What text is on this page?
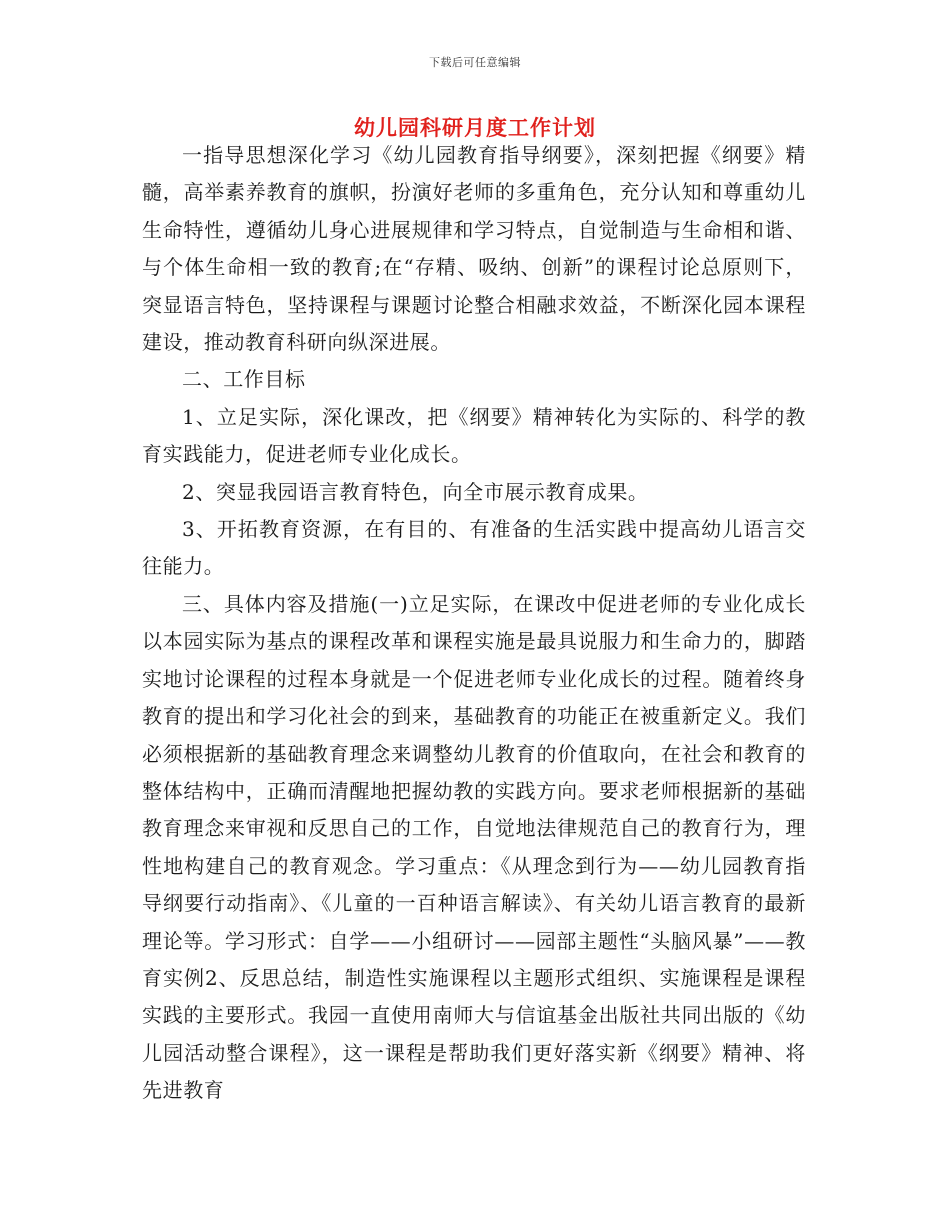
下载后可任意编辑
幼儿园科研月度工作计划

一指导思想深化学习《幼儿园教育指导纲要》，深刻把握《纲要》精髓，高举素养教育的旗帜，扮演好老师的多重角色，充分认知和尊重幼儿生命特性，遵循幼儿身心进展规律和学习特点，自觉制造与生命相和谐、与个体生命相一致的教育;在“存精、吸纳、创新”的课程讨论总原则下，突显语言特色，坚持课程与课题讨论整合相融求效益，不断深化园本课程建设，推动教育科研向纵深进展。

二、工作目标

1、立足实际，深化课改，把《纲要》精神转化为实际的、科学的教育实践能力，促进老师专业化成长。

2、突显我园语言教育特色，向全市展示教育成果。

3、开拓教育资源，在有目的、有准备的生活实践中提高幼儿语言交往能力。

三、具体内容及措施(一)立足实际，在课改中促进老师的专业化成长以本园实际为基点的课程改革和课程实施是最具说服力和生命力的，脚踏实地讨论课程的过程本身就是一个促进老师专业化成长的过程。随着终身教育的提出和学习化社会的到来，基础教育的功能正在被重新定义。我们必须根据新的基础教育理念来调整幼儿教育的价值取向，在社会和教育的整体结构中，正确而清醒地把握幼教的实践方向。要求老师根据新的基础教育理念来审视和反思自己的工作，自觉地法律规范自己的教育行为，理性地构建自己的教育观念。学习重点：《从理念到行为——幼儿园教育指导纲要行动指南》、《儿童的一百种语言解读》、有关幼儿语言教育的最新理论等。学习形式：自学——小组研讨——园部主题性“头脑风暴”——教育实例2、反思总结，制造性实施课程以主题形式组织、实施课程是课程实践的主要形式。我园一直使用南师大与信谊基金出版社共同出版的《幼儿园活动整合课程》，这一课程是帮助我们更好落实新《纲要》精神、将先进教育
